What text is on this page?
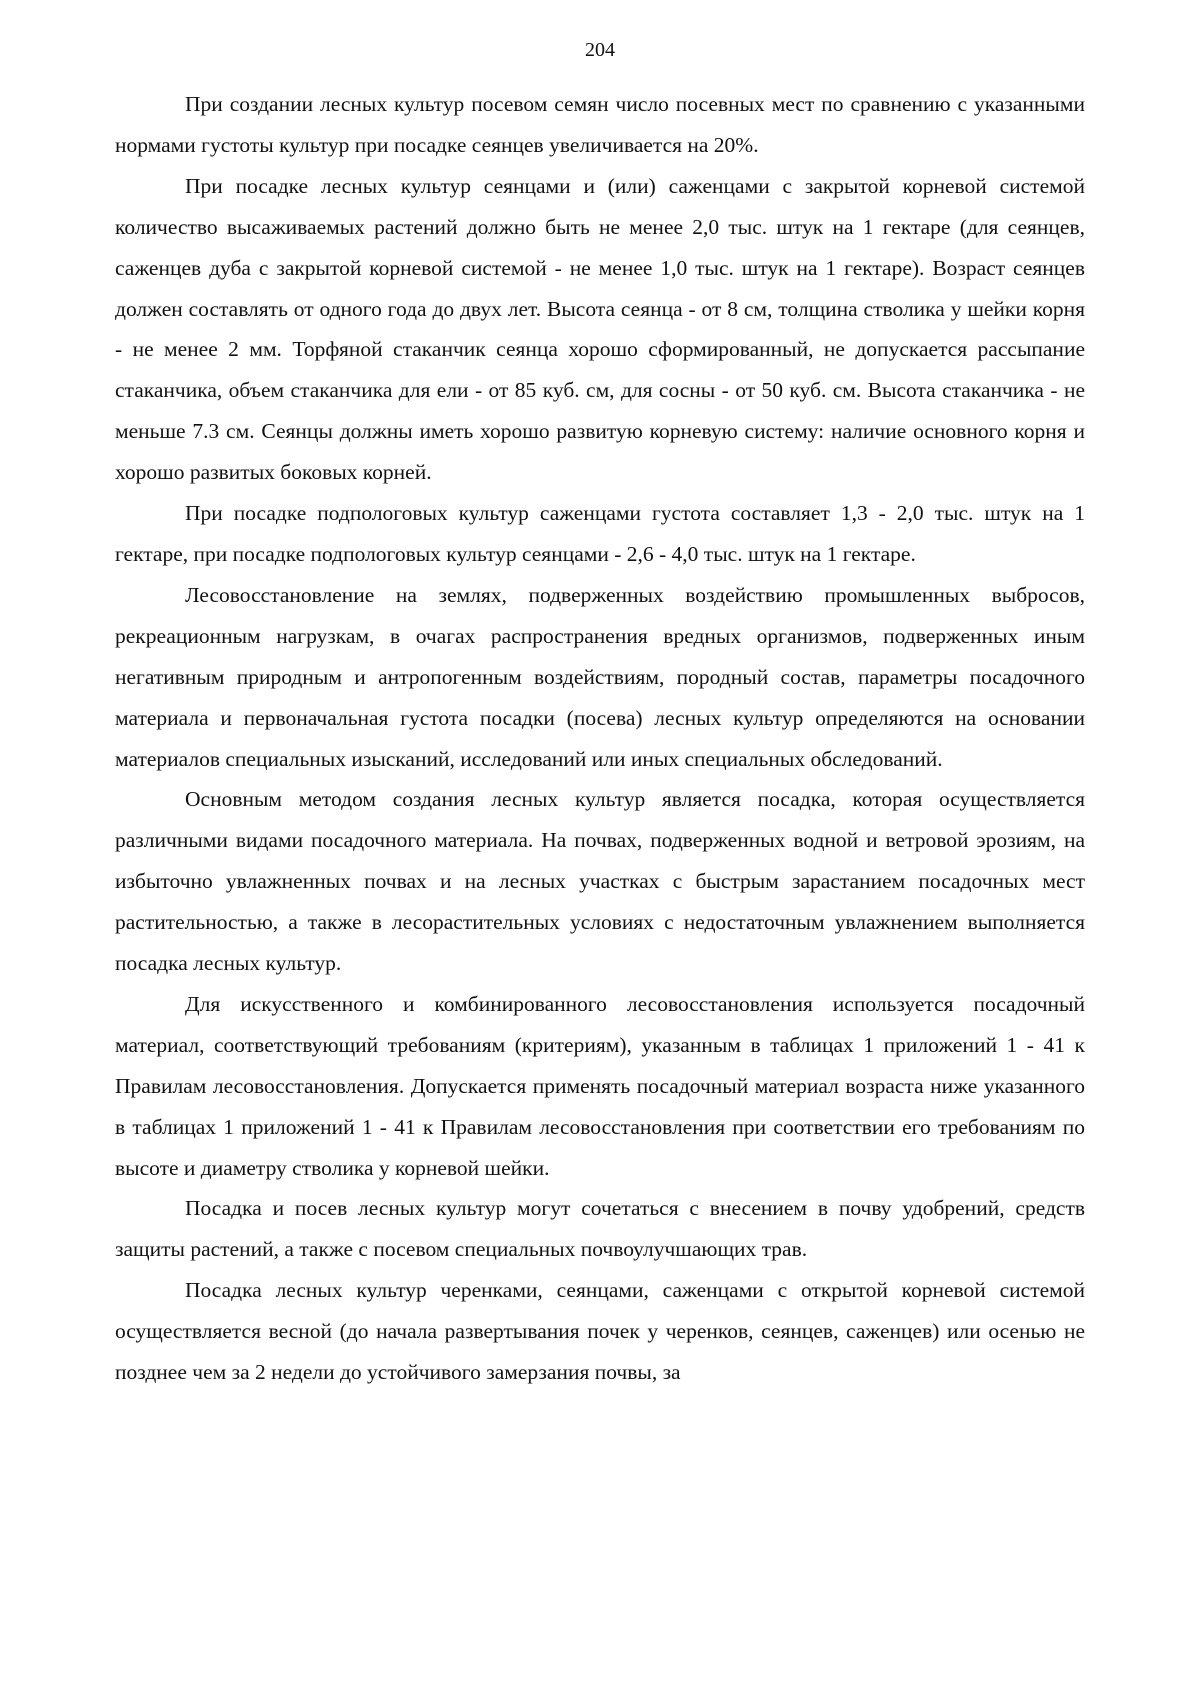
204

При создании лесных культур посевом семян число посевных мест по сравнению с указанными нормами густоты культур при посадке сеянцев увеличивается на 20%.

При посадке лесных культур сеянцами и (или) саженцами с закрытой корневой системой количество высаживаемых растений должно быть не менее 2,0 тыс. штук на 1 гектаре (для сеянцев, саженцев дуба с закрытой корневой системой - не менее 1,0 тыс. штук на 1 гектаре). Возраст сеянцев должен составлять от одного года до двух лет. Высота сеянца - от 8 см, толщина стволика у шейки корня - не менее 2 мм. Торфяной стаканчик сеянца хорошо сформированный, не допускается рассыпание стаканчика, объем стаканчика для ели - от 85 куб. см, для сосны - от 50 куб. см. Высота стаканчика - не меньше 7.3 см. Сеянцы должны иметь хорошо развитую корневую систему: наличие основного корня и хорошо развитых боковых корней.

При посадке подпологовых культур саженцами густота составляет 1,3 - 2,0 тыс. штук на 1 гектаре, при посадке подпологовых культур сеянцами - 2,6 - 4,0 тыс. штук на 1 гектаре.

Лесовосстановление на землях, подверженных воздействию промышленных выбросов, рекреационным нагрузкам, в очагах распространения вредных организмов, подверженных иным негативным природным и антропогенным воздействиям, породный состав, параметры посадочного материала и первоначальная густота посадки (посева) лесных культур определяются на основании материалов специальных изысканий, исследований или иных специальных обследований.

Основным методом создания лесных культур является посадка, которая осуществляется различными видами посадочного материала. На почвах, подверженных водной и ветровой эрозиям, на избыточно увлажненных почвах и на лесных участках с быстрым зарастанием посадочных мест растительностью, а также в лесорастительных условиях с недостаточным увлажнением выполняется посадка лесных культур.

Для искусственного и комбинированного лесовосстановления используется посадочный материал, соответствующий требованиям (критериям), указанным в таблицах 1 приложений 1 - 41 к Правилам лесовосстановления. Допускается применять посадочный материал возраста ниже указанного в таблицах 1 приложений 1 - 41 к Правилам лесовосстановления при соответствии его требованиям по высоте и диаметру стволика у корневой шейки.

Посадка и посев лесных культур могут сочетаться с внесением в почву удобрений, средств защиты растений, а также с посевом специальных почвоулучшающих трав.

Посадка лесных культур черенками, сеянцами, саженцами с открытой корневой системой осуществляется весной (до начала развертывания почек у черенков, сеянцев, саженцев) или осенью не позднее чем за 2 недели до устойчивого замерзания почвы, за
